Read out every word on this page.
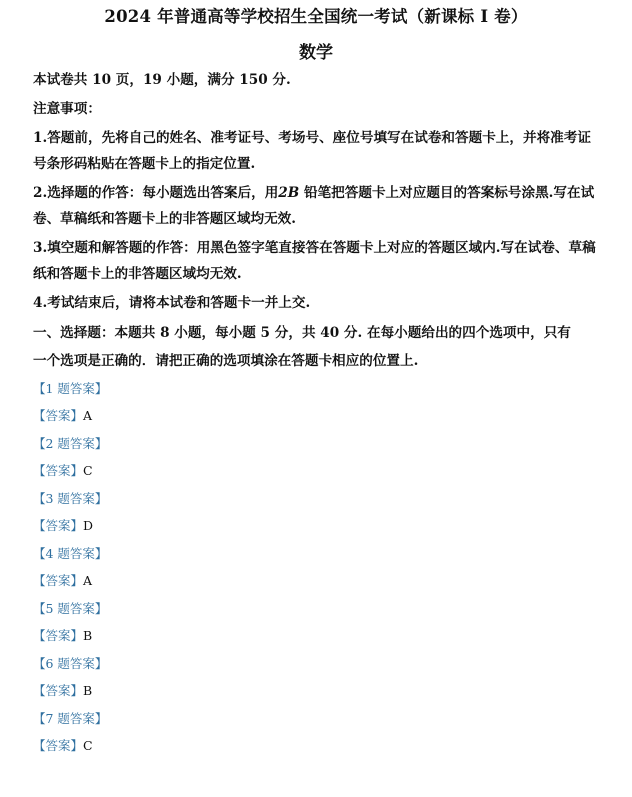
2024 年普通高等学校招生全国统一考试（新课标 I 卷）
数学
本试卷共 10 页，19 小题，满分 150 分.
注意事项：
1.答题前，先将自己的姓名、准考证号、考场号、座位号填写在试卷和答题卡上，并将准考证
号条形码粘贴在答题卡上的指定位置.
2.选择题的作答：每小题选出答案后，用2B 铅笔把答题卡上对应题目的答案标号涂黑.写在试
卷、草稿纸和答题卡上的非答题区域均无效.
3.填空题和解答题的作答：用黑色签字笔直接答在答题卡上对应的答题区域内.写在试卷、草稿
纸和答题卡上的非答题区域均无效.
4.考试结束后，请将本试卷和答题卡一并上交.
一、选择题：本题共 8 小题，每小题 5 分，共 40 分. 在每小题给出的四个选项中，只有
一个选项是正确的．请把正确的选项填涂在答题卡相应的位置上.
【1 题答案】
【答案】A
【2 题答案】
【答案】C
【3 题答案】
【答案】D
【4 题答案】
【答案】A
【5 题答案】
【答案】B
【6 题答案】
【答案】B
【7 题答案】
【答案】C
